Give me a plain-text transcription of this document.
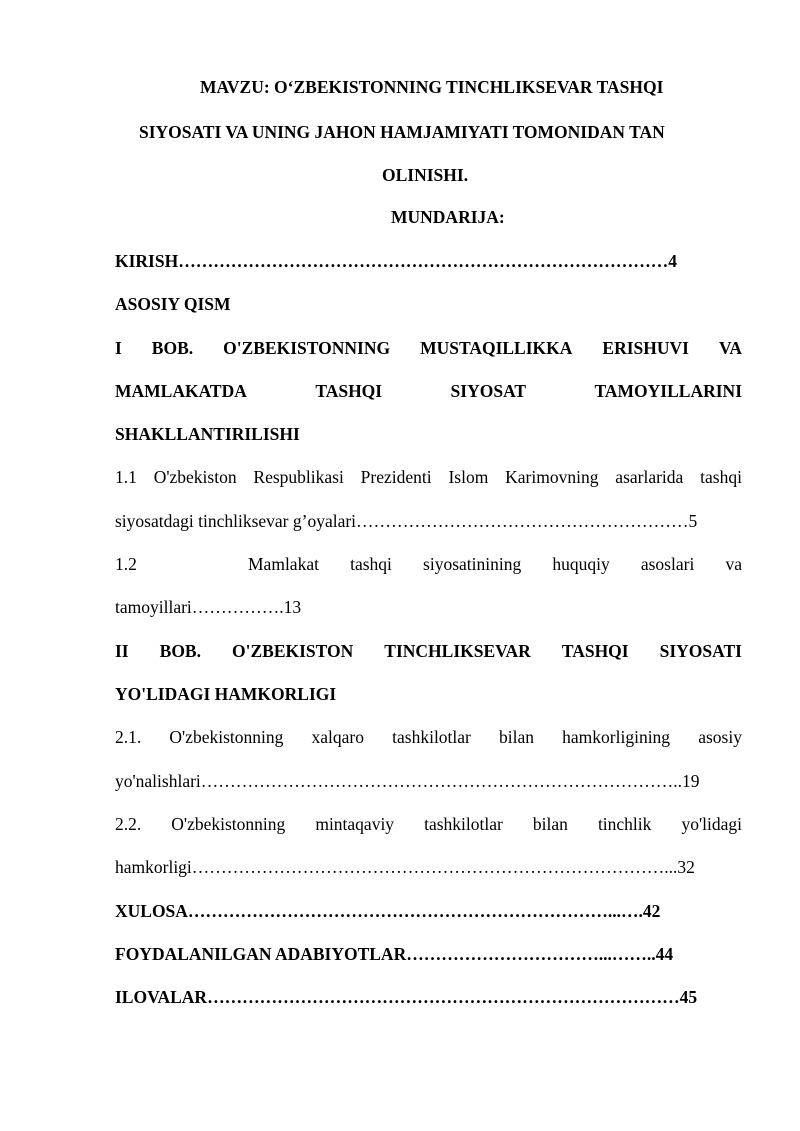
MAVZU: O‘ZBEKISTONNING TINCHLIKSEVAR TASHQI
SIYOSATI VA UNING JAHON HAMJAMIYATI TOMONIDAN TAN
OLINISHI.
MUNDARIJA:
KIRISH…………………………………………………………………………4
ASOSIY QISM
I BOB. O'ZBEKISTONNING MUSTAQILLIKKA ERISHUVI VA
MAMLAKATDA	TASHQI	SIYOSAT	TAMOYILLARINI
SHAKLLANTIRILISHI
1.1 O'zbekiston Respublikasi Prezidenti Islom Karimovning asarlarida tashqi
siyosatdagi tinchliksevar g’oyalari…………………………………………………5
1.2	Mamlakat tashqi siyosatinining huquqiy asoslari va
tamoyillari…………….13
II BOB. O'ZBEKISTON TINCHLIKSEVAR TASHQI SIYOSATI
YO'LIDAGI HAMKORLIGI
2.1. O'zbekistonning xalqaro tashkilotlar bilan hamkorligining asosiy
yo'nalishlari………………………………………………………………………..19
2.2. O'zbekistonning mintaqaviy tashkilotlar bilan tinchlik yo'lidagi
hamkorligi………………………………………………………………………...32
XULOSA………………………………………………………………...….42
FOYDALANILGAN ADABIYOTLAR……………………………...……..44
ILOVALAR………………………………………………………………………45
